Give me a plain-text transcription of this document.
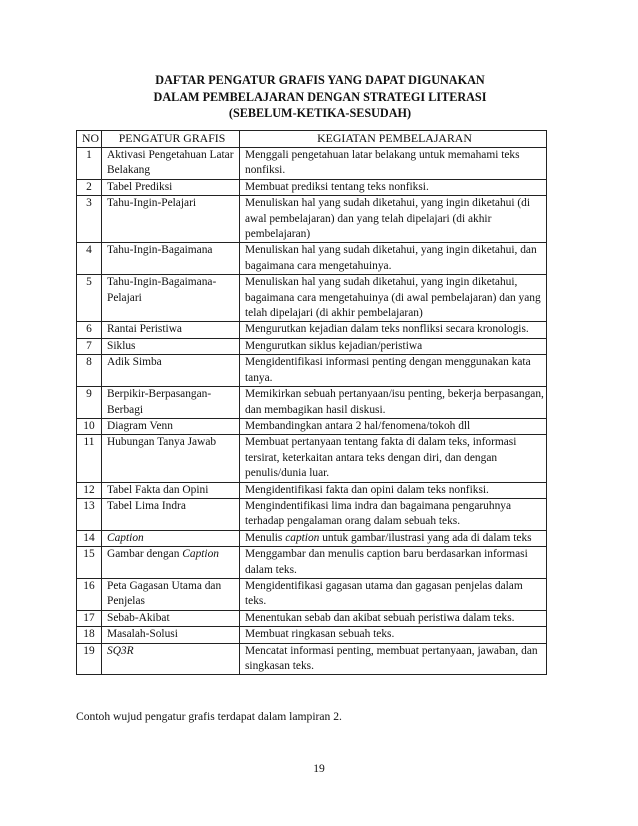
DAFTAR PENGATUR GRAFIS YANG DAPAT DIGUNAKAN
DALAM PEMBELAJARAN DENGAN STRATEGI LITERASI
(SEBELUM-KETIKA-SESUDAH)
NO	PENGATUR GRAFIS	KEGIATAN PEMBELAJARAN
1	Aktivasi Pengetahuan Latar Belakang	Menggali pengetahuan latar belakang untuk memahami teks nonfiksi.
2	Tabel Prediksi	Membuat prediksi tentang teks nonfiksi.
3	Tahu-Ingin-Pelajari	Menuliskan hal yang sudah diketahui, yang ingin diketahui (di awal pembelajaran) dan yang telah dipelajari (di akhir pembelajaran)
4	Tahu-Ingin-Bagaimana	Menuliskan hal yang sudah diketahui, yang ingin diketahui, dan bagaimana cara mengetahuinya.
5	Tahu-Ingin-Bagaimana-Pelajari	Menuliskan hal yang sudah diketahui, yang ingin diketahui, bagaimana cara mengetahuinya (di awal pembelajaran) dan yang telah dipelajari (di akhir pembelajaran)
6	Rantai Peristiwa	Mengurutkan kejadian dalam teks nonfliksi secara kronologis.
7	Siklus	Mengurutkan siklus kejadian/peristiwa
8	Adik Simba	Mengidentifikasi informasi penting dengan menggunakan kata tanya.
9	Berpikir-Berpasangan-Berbagi	Memikirkan sebuah pertanyaan/isu penting, bekerja berpasangan, dan membagikan hasil diskusi.
10	Diagram Venn	Membandingkan antara 2 hal/fenomena/tokoh dll
11	Hubungan Tanya Jawab	Membuat pertanyaan tentang fakta di dalam teks, informasi tersirat, keterkaitan antara teks dengan diri, dan dengan penulis/dunia luar.
12	Tabel Fakta dan Opini	Mengidentifikasi fakta dan opini dalam teks nonfiksi.
13	Tabel Lima Indra	Mengindentifikasi lima indra dan bagaimana pengaruhnya terhadap pengalaman orang dalam sebuah teks.
14	Caption	Menulis caption untuk gambar/ilustrasi yang ada di dalam teks
15	Gambar dengan Caption	Menggambar dan menulis caption baru berdasarkan informasi dalam teks.
16	Peta Gagasan Utama dan Penjelas	Mengidentifikasi gagasan utama dan gagasan penjelas dalam teks.
17	Sebab-Akibat	Menentukan sebab dan akibat sebuah peristiwa dalam teks.
18	Masalah-Solusi	Membuat ringkasan sebuah teks.
19	SQ3R	Mencatat informasi penting, membuat pertanyaan, jawaban, dan singkasan teks.
Contoh wujud pengatur grafis terdapat dalam lampiran 2.
19
